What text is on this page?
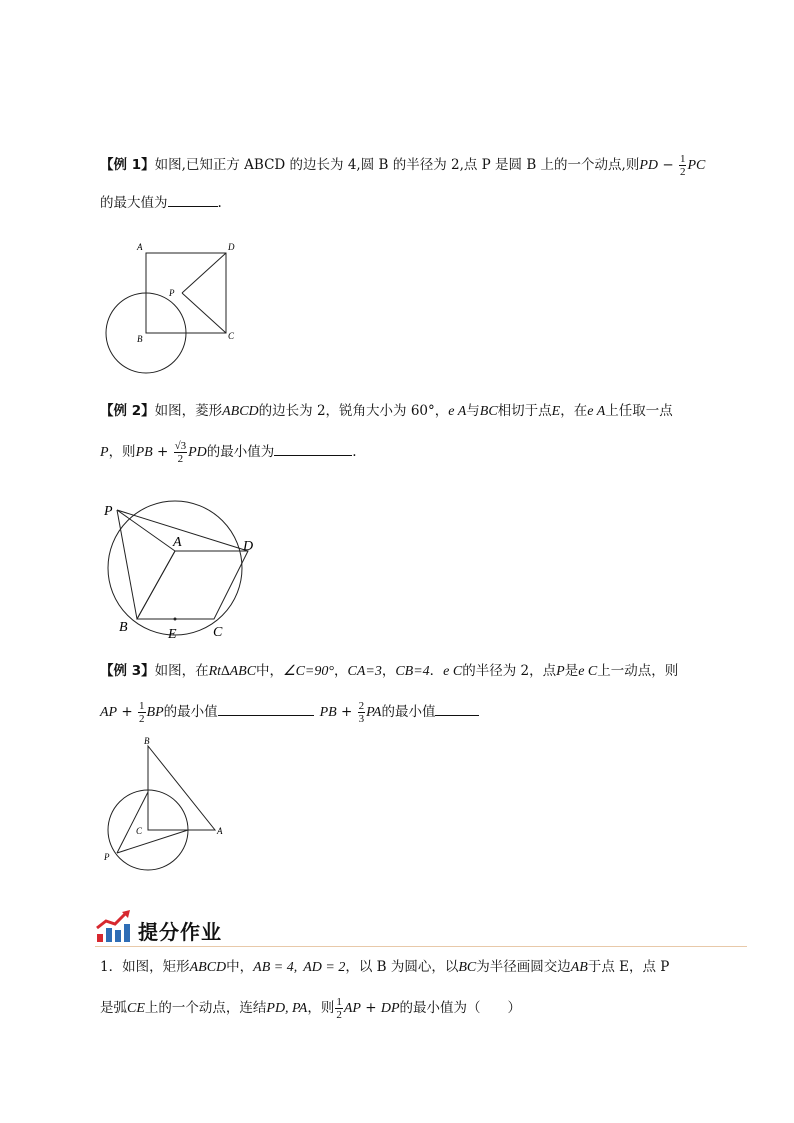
【例 1】如图,已知正方 ABCD 的边长为 4,圆 B 的半径为 2,点 P 是圆 B 上的一个动点,则PD − $\frac{1}{2}$ PC
的最大值为	.
A	D
P
B	C
【例 2】如图，菱形ABCD的边长为 2，锐角大小为 60°，e A与BC相切于点E，在e A上任取一点
P，则PB + $\frac{√3}{2}$ PD的最小值为	.
P
A	D
B	E	C
【例 3】如图，在Rt∆ABC中，∠C=90°，CA=3，CB=4．e C的半径为 2，点P是e C上一动点，则
AP + $\frac{1}{2}$ BP的最小值	PB + $\frac{2}{3}$ PA的最小值
B
C	A
P
提分作业
1．如图，矩形ABCD中，AB = 4, AD = 2，以 B 为圆心，以BC为半径画圆交边AB于点 E，点 P
是弧CE上的一个动点，连结PD, PA，则 $\frac{1}{2}$ AP + DP的最小值为（　　）
